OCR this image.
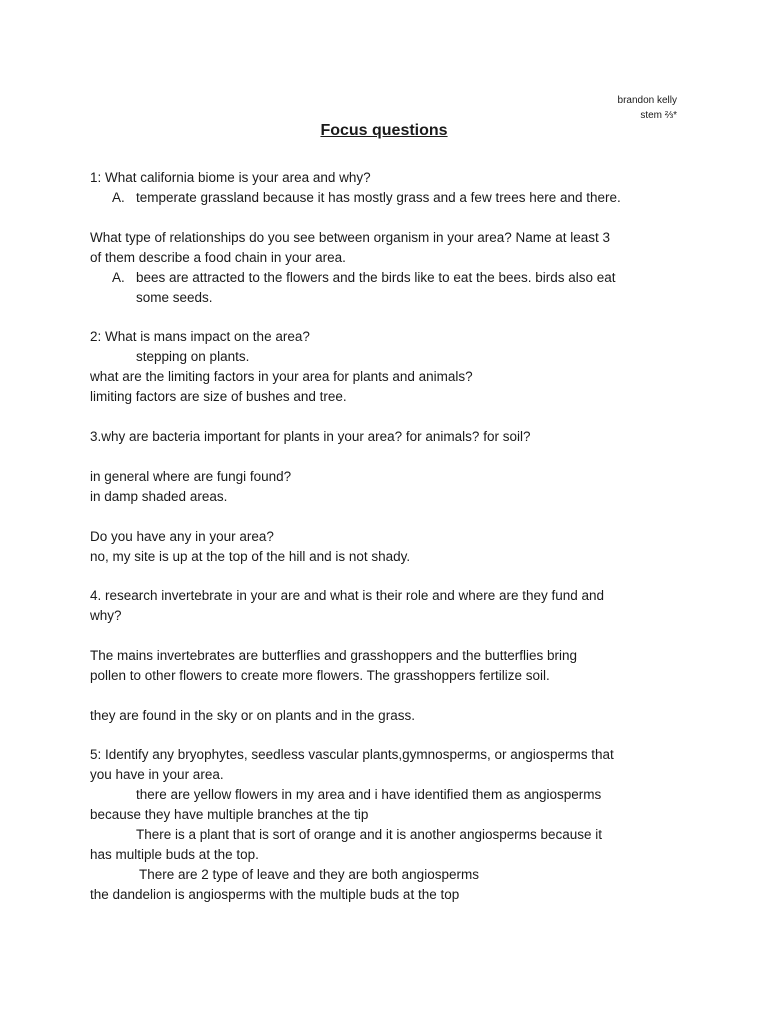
brandon kelly
stem ⅔*
Focus questions
1: What california biome is your area and why?
A. temperate grassland because it has mostly grass and a few trees here and there.
What type of relationships do you see between organism in your area? Name at least 3
of them describe a food chain in your area.
A. bees are attracted to the flowers and the birds like to eat the bees. birds also eat
some seeds.
2: What is mans impact on the area?
stepping on plants.
what are the limiting factors in your area for plants and animals?
limiting factors are size of bushes and tree.
3.why are bacteria important for plants in your area? for animals? for soil?
in general where are fungi found?
in damp shaded areas.
Do you have any in your area?
no, my site is up at the top of the hill and is not shady.
4. research invertebrate in your are and what is their role and where are they fund and
why?
The mains invertebrates are butterflies and grasshoppers and the butterflies bring
pollen to other flowers to create more flowers. The grasshoppers fertilize soil.
they are found in the sky or on plants and in the grass.
5: Identify any bryophytes, seedless vascular plants,gymnosperms, or angiosperms that
you have in your area.
there are yellow flowers in my area and i have identified them as angiosperms
because they have multiple branches at the tip
There is a plant that is sort of orange and it is another angiosperms because it
has multiple buds at the top.
There are 2 type of leave and they are both angiosperms
the dandelion is angiosperms with the multiple buds at the top
